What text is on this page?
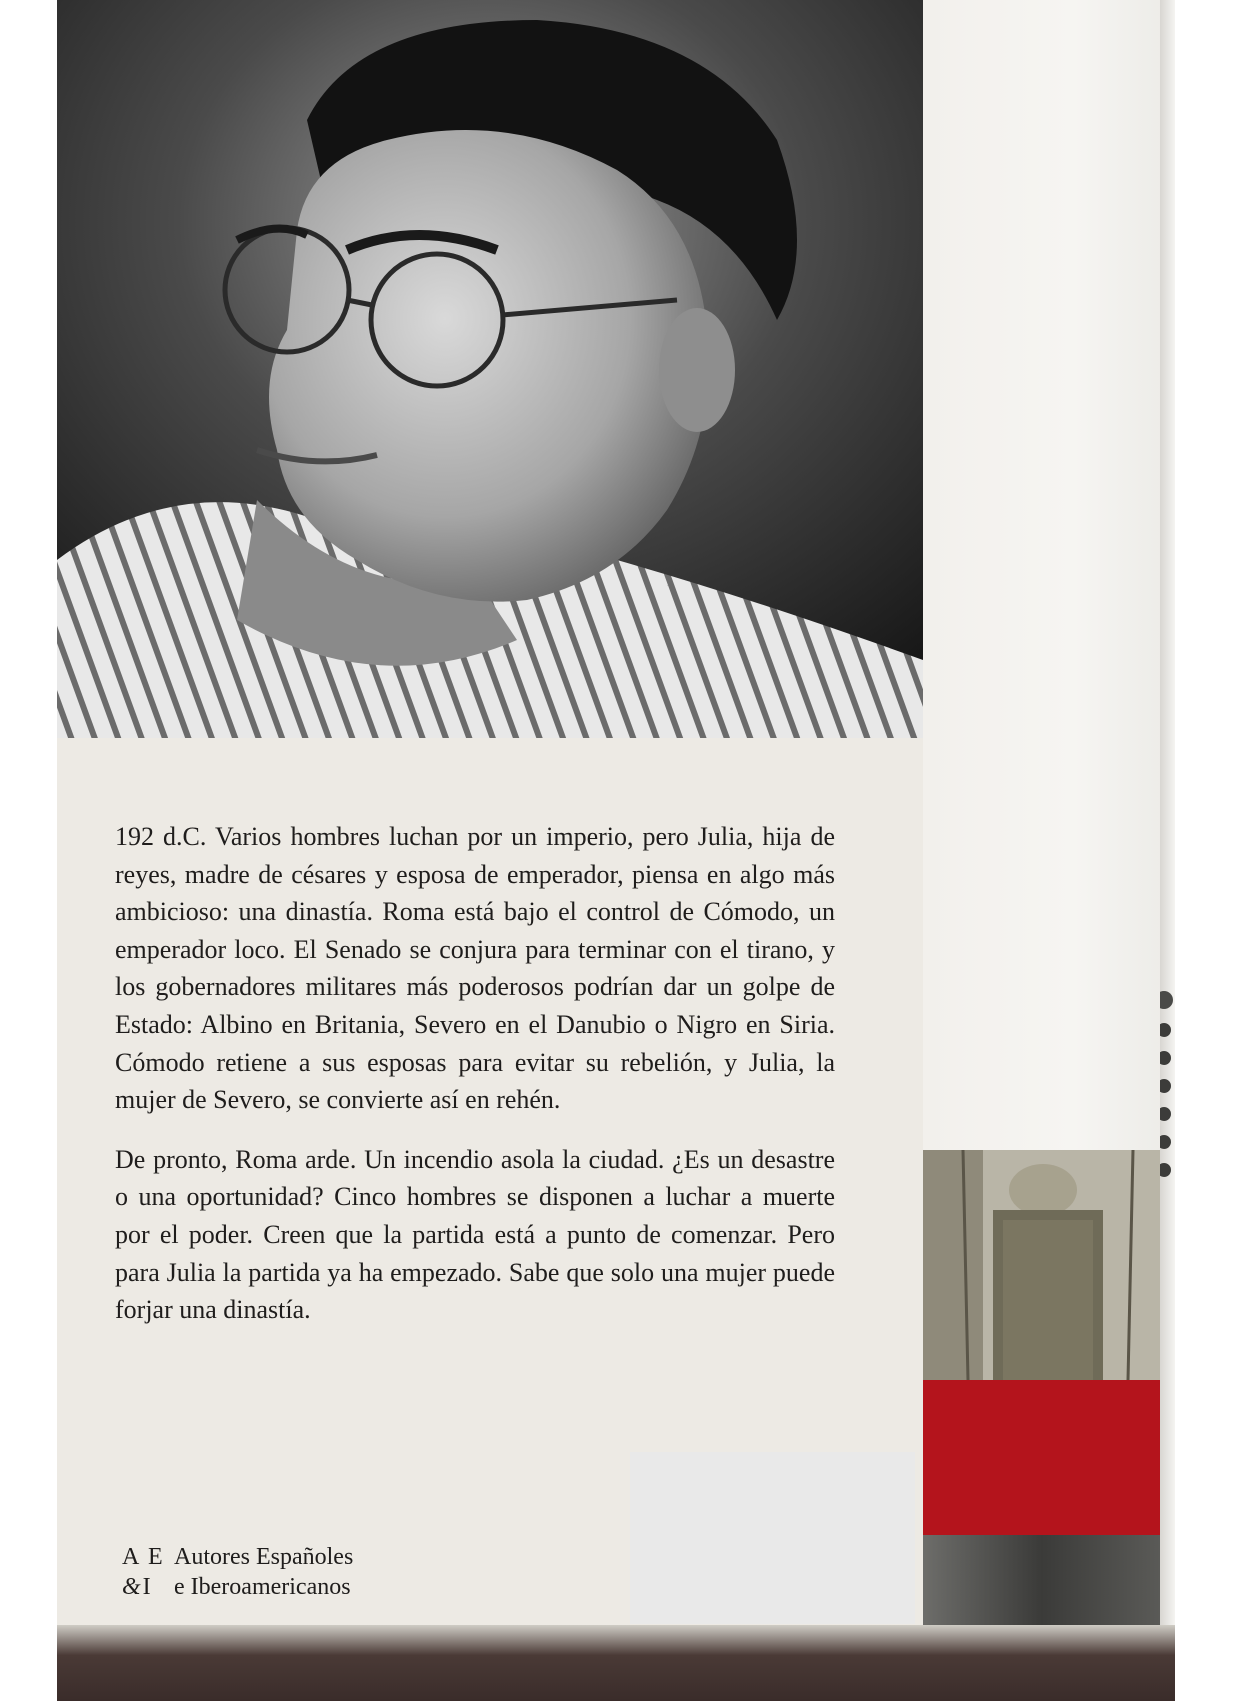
192 d.C. Varios hombres luchan por un imperio, pero Julia, hija de reyes, madre de césares y esposa de emperador, piensa en algo más ambicioso: una dinastía. Roma está bajo el control de Cómodo, un emperador loco. El Senado se conjura para terminar con el tirano, y los gobernadores militares más poderosos podrían dar un golpe de Estado: Albino en Britania, Severo en el Danubio o Nigro en Siria. Cómodo retiene a sus esposas para evitar su rebelión, y Julia, la mujer de Severo, se convierte así en rehén.

De pronto, Roma arde. Un incendio asola la ciudad. ¿Es un desastre o una oportunidad? Cinco hombres se disponen a luchar a muerte por el poder. Creen que la partida está a punto de comenzar. Pero para Julia la partida ya ha empezado. Sabe que solo una mujer puede forjar una dinastía.

A E Autores Españoles
&I e Iberoamericanos
